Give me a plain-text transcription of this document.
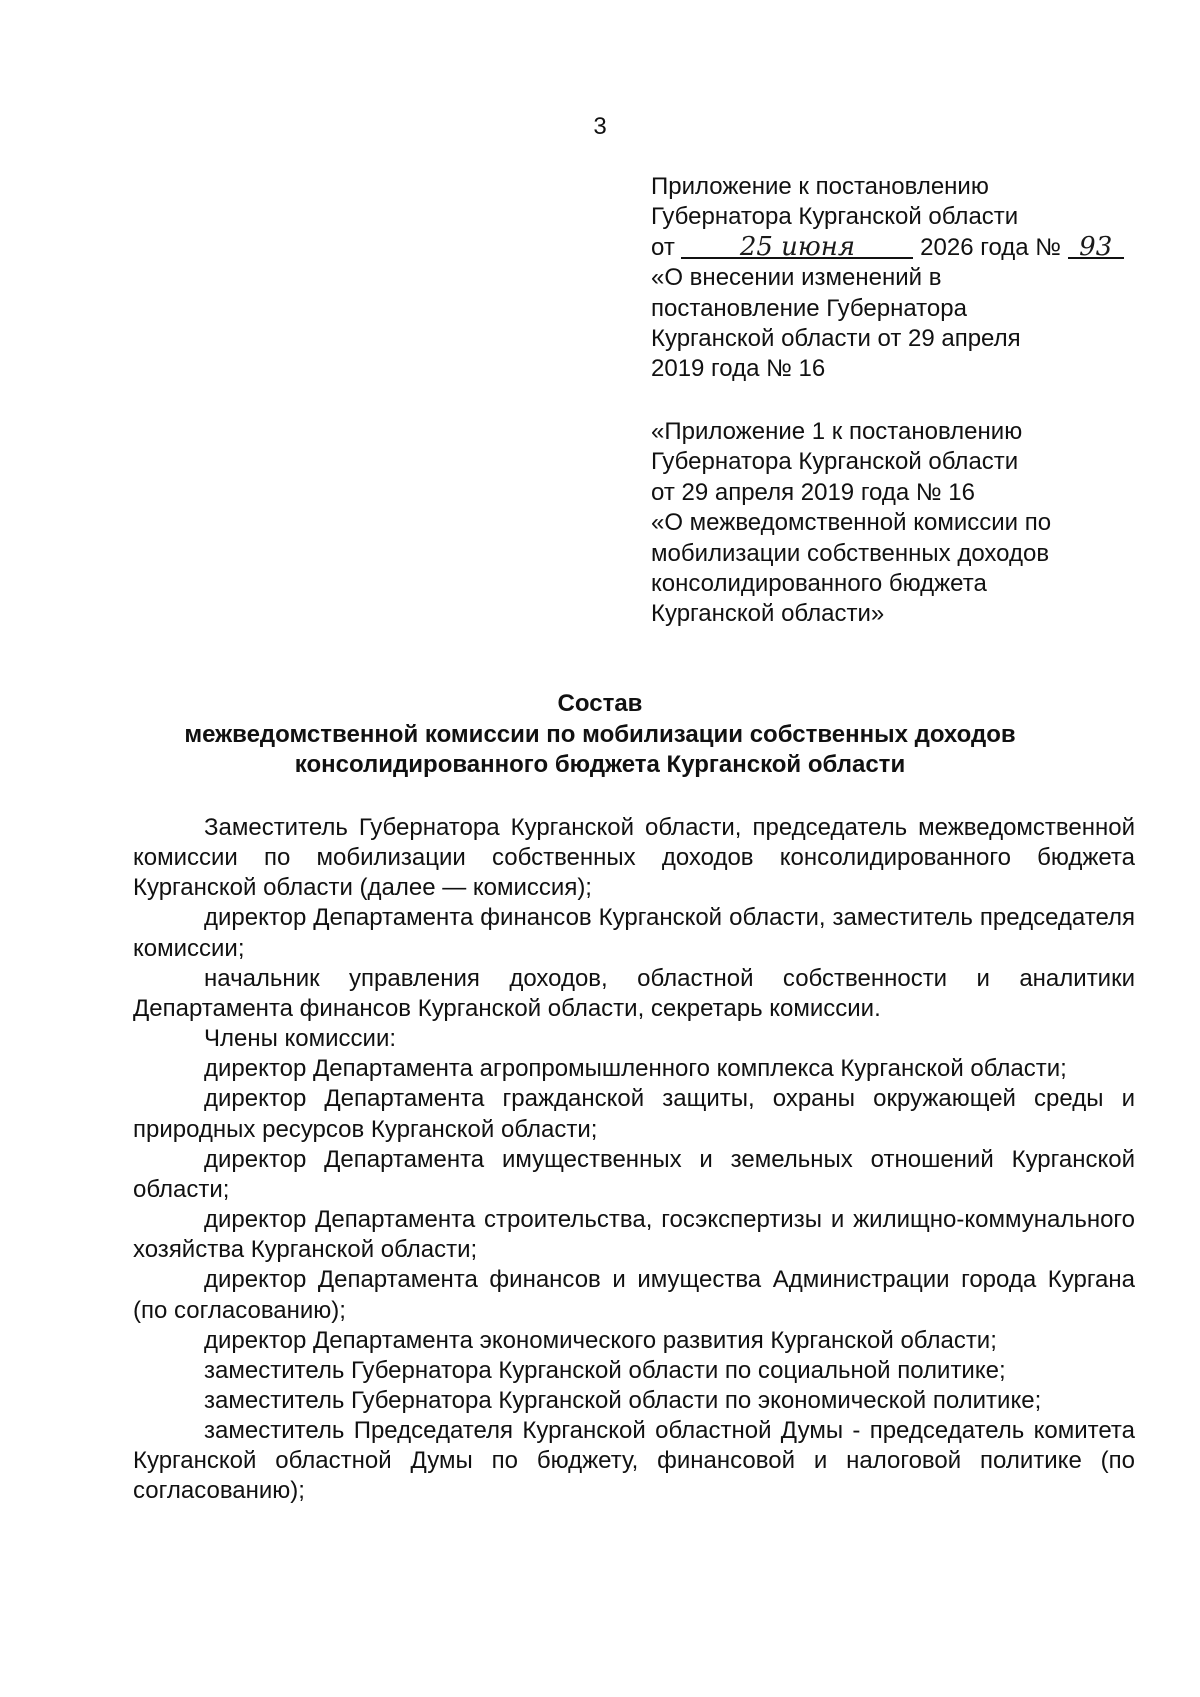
3
Приложение к постановлению
Губернатора Курганской области
от	25 июня	2026 года № 93
«О внесении изменений в
постановление Губернатора
Курганской области от 29 апреля
2019 года № 16
«Приложение 1 к постановлению
Губернатора Курганской области
от 29 апреля 2019 года № 16
«О межведомственной комиссии по
мобилизации собственных доходов
консолидированного бюджета
Курганской области»
Состав
межведомственной комиссии по мобилизации собственных доходов
консолидированного бюджета Курганской области

Заместитель Губернатора Курганской области, председатель межведомственной комиссии по мобилизации собственных доходов консолидированного бюджета Курганской области (далее — комиссия);

директор Департамента финансов Курганской области, заместитель председателя комиссии;

начальник управления доходов, областной собственности и аналитики Департамента финансов Курганской области, секретарь комиссии.

Члены комиссии:

директор Департамента агропромышленного комплекса Курганской области;

директор Департамента гражданской защиты, охраны окружающей среды и природных ресурсов Курганской области;

директор Департамента имущественных и земельных отношений Курганской области;

директор Департамента строительства, госэкспертизы и жилищно-коммунального хозяйства Курганской области;

директор Департамента финансов и имущества Администрации города Кургана (по согласованию);

директор Департамента экономического развития Курганской области;

заместитель Губернатора Курганской области по социальной политике;

заместитель Губернатора Курганской области по экономической политике;

заместитель Председателя Курганской областной Думы - председатель комитета Курганской областной Думы по бюджету, финансовой и налоговой политике (по согласованию);
